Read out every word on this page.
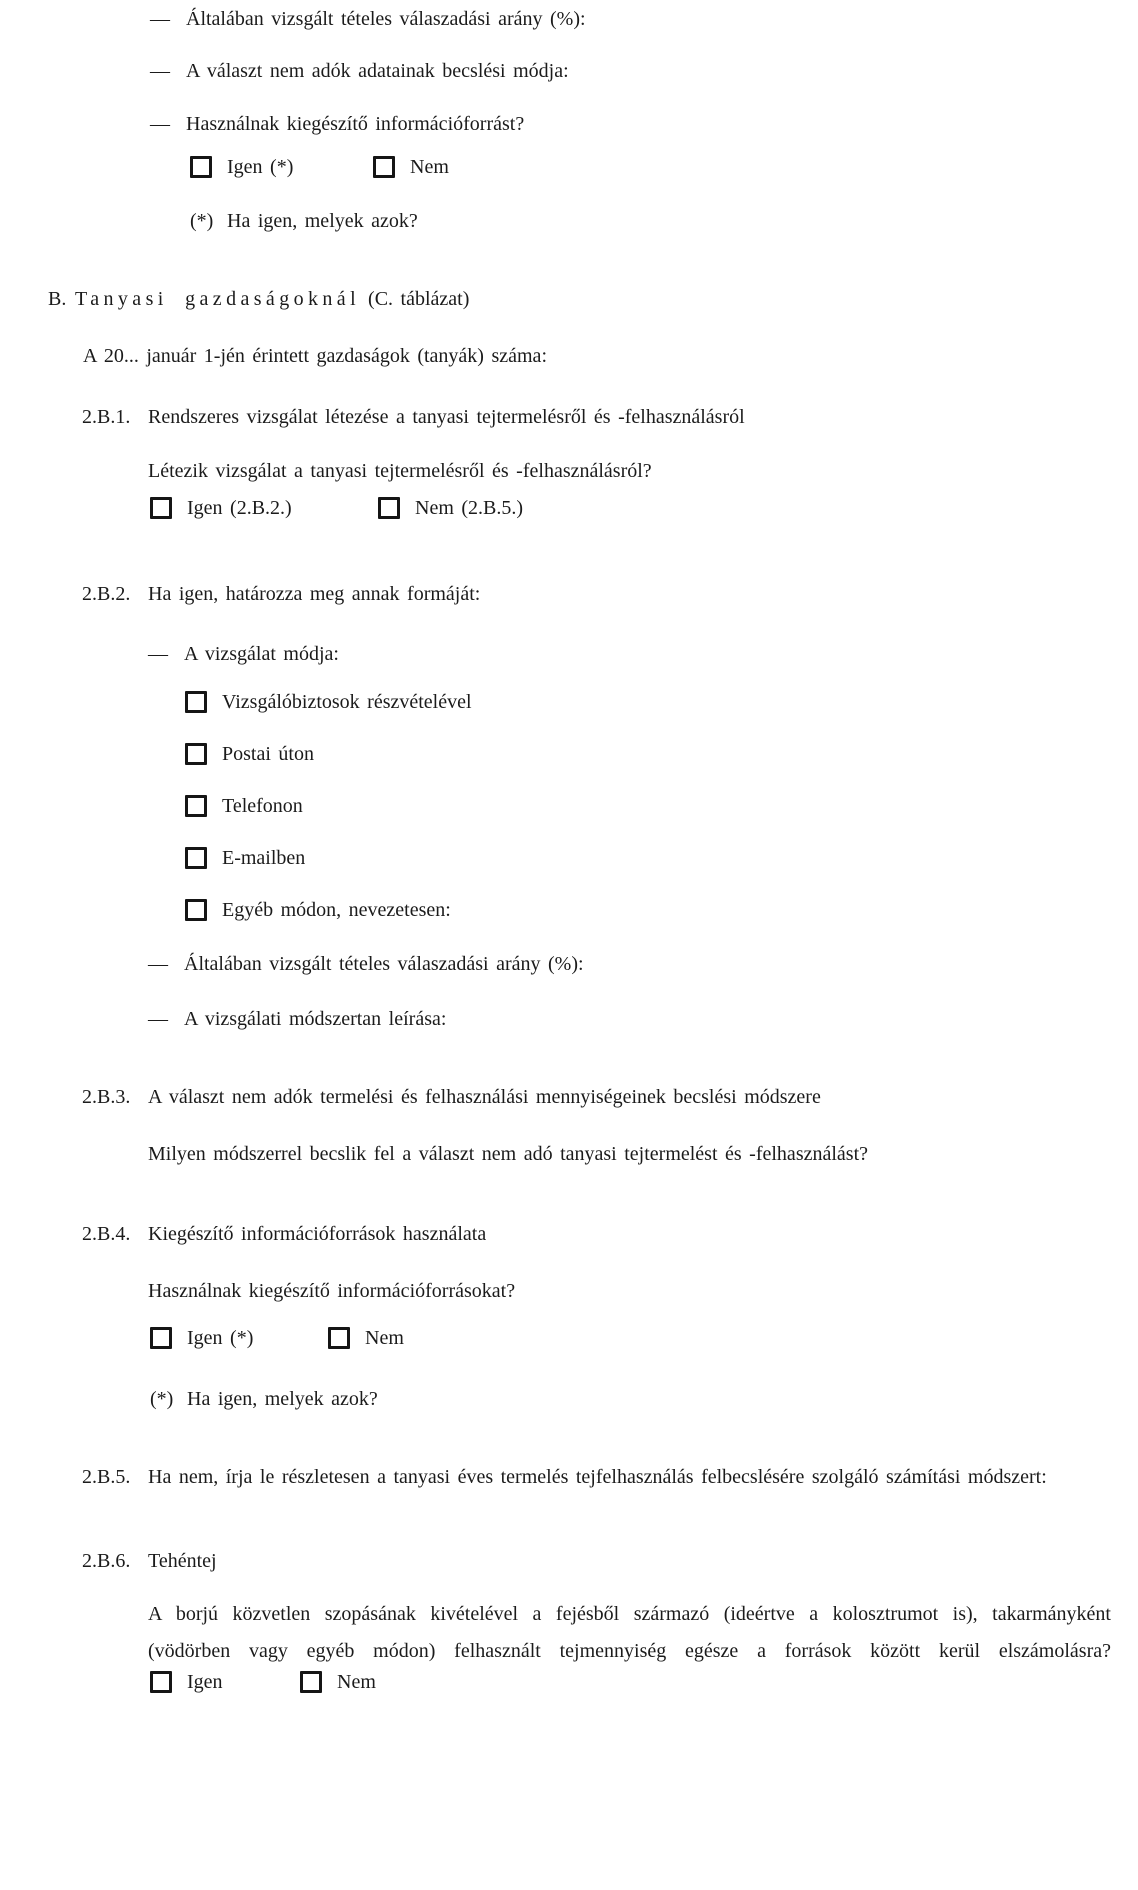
— Általában vizsgált tételes válaszadási arány (%):
— A választ nem adók adatainak becslési módja:
— Használnak kiegészítő információforrást?
Igen (*)	Nem
(*) Ha igen, melyek azok?
B. Tanyasi gazdaságoknál (C. táblázat)
A 20... január 1-jén érintett gazdaságok (tanyák) száma:
2.B.1. Rendszeres vizsgálat létezése a tanyasi tejtermelésről és -felhasználásról
Létezik vizsgálat a tanyasi tejtermelésről és -felhasználásról?
Igen (2.B.2.)	Nem (2.B.5.)
2.B.2. Ha igen, határozza meg annak formáját:
— A vizsgálat módja:
Vizsgálóbiztosok részvételével
Postai úton
Telefonon
E-mailben
Egyéb módon, nevezetesen:
— Általában vizsgált tételes válaszadási arány (%):
— A vizsgálati módszertan leírása:
2.B.3. A választ nem adók termelési és felhasználási mennyiségeinek becslési módszere
Milyen módszerrel becslik fel a választ nem adó tanyasi tejtermelést és -felhasználást?
2.B.4. Kiegészítő információforrások használata
Használnak kiegészítő információforrásokat?
Igen (*)	Nem
(*) Ha igen, melyek azok?
2.B.5. Ha nem, írja le részletesen a tanyasi éves termelés tejfelhasználás felbecslésére szolgáló számítási módszert:
2.B.6. Tehéntej
A borjú közvetlen szopásának kivételével a fejésből származó (ideértve a kolosztrumot is), takarmányként
(vödörben vagy egyéb módon) felhasznált tejmennyiség egésze a források között kerül elszámolásra?
Igen	Nem
